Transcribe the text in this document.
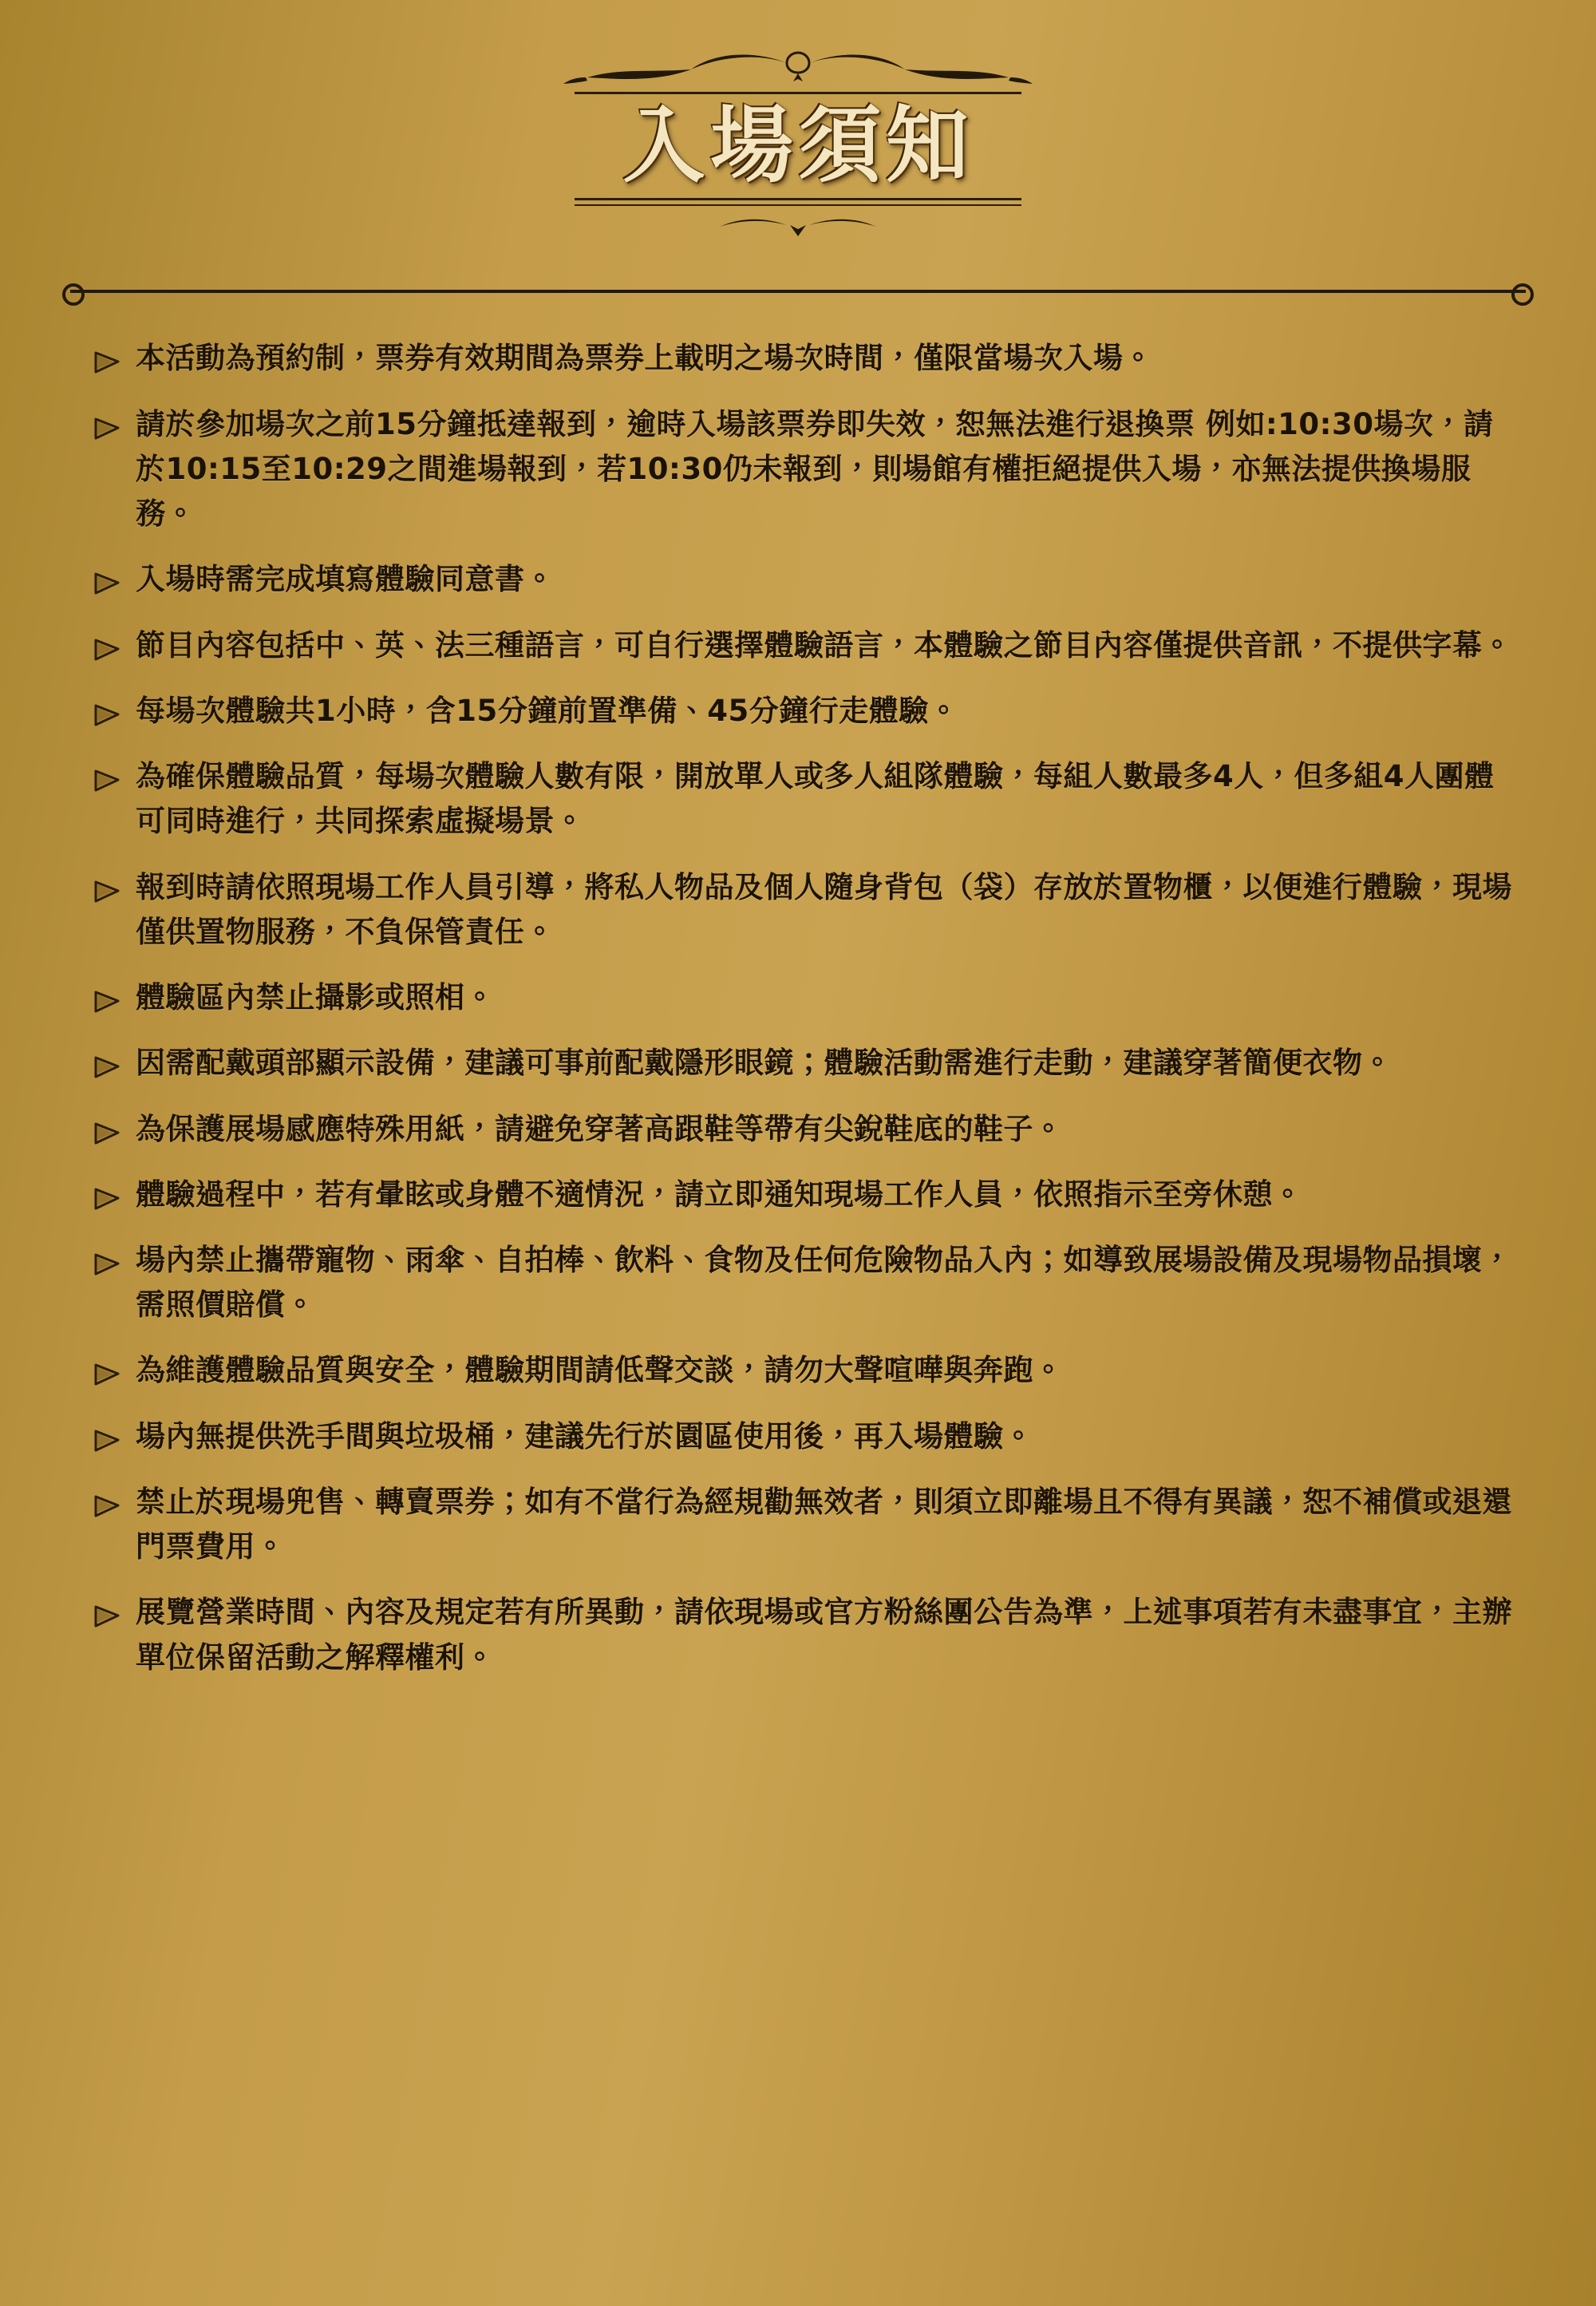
入場須知
本活動為預約制，票券有效期間為票券上載明之場次時間，僅限當場次入場。
請於參加場次之前15分鐘抵達報到，逾時入場該票券即失效，恕無法進行退換票 例如:10:30場次，請於10:15至10:29之間進場報到，若10:30仍未報到，則場館有權拒絕提供入場，亦無法提供換場服務。
入場時需完成填寫體驗同意書。
節目內容包括中、英、法三種語言，可自行選擇體驗語言，本體驗之節目內容僅提供音訊，不提供字幕。
每場次體驗共1小時，含15分鐘前置準備、45分鐘行走體驗。
為確保體驗品質，每場次體驗人數有限，開放單人或多人組隊體驗，每組人數最多4人，但多組4人團體可同時進行，共同探索虛擬場景。
報到時請依照現場工作人員引導，將私人物品及個人隨身背包（袋）存放於置物櫃，以便進行體驗，現場僅供置物服務，不負保管責任。
體驗區內禁止攝影或照相。
因需配戴頭部顯示設備，建議可事前配戴隱形眼鏡；體驗活動需進行走動，建議穿著簡便衣物。
為保護展場感應特殊用紙，請避免穿著高跟鞋等帶有尖銳鞋底的鞋子。
體驗過程中，若有暈眩或身體不適情況，請立即通知現場工作人員，依照指示至旁休憩。
場內禁止攜帶寵物、雨傘、自拍棒、飲料、食物及任何危險物品入內；如導致展場設備及現場物品損壞，需照價賠償。
為維護體驗品質與安全，體驗期間請低聲交談，請勿大聲喧嘩與奔跑。
場內無提供洗手間與垃圾桶，建議先行於園區使用後，再入場體驗。
禁止於現場兜售、轉賣票券；如有不當行為經規勸無效者，則須立即離場且不得有異議，恕不補償或退還門票費用。
展覽營業時間、內容及規定若有所異動，請依現場或官方粉絲團公告為準，上述事項若有未盡事宜，主辦單位保留活動之解釋權利。
